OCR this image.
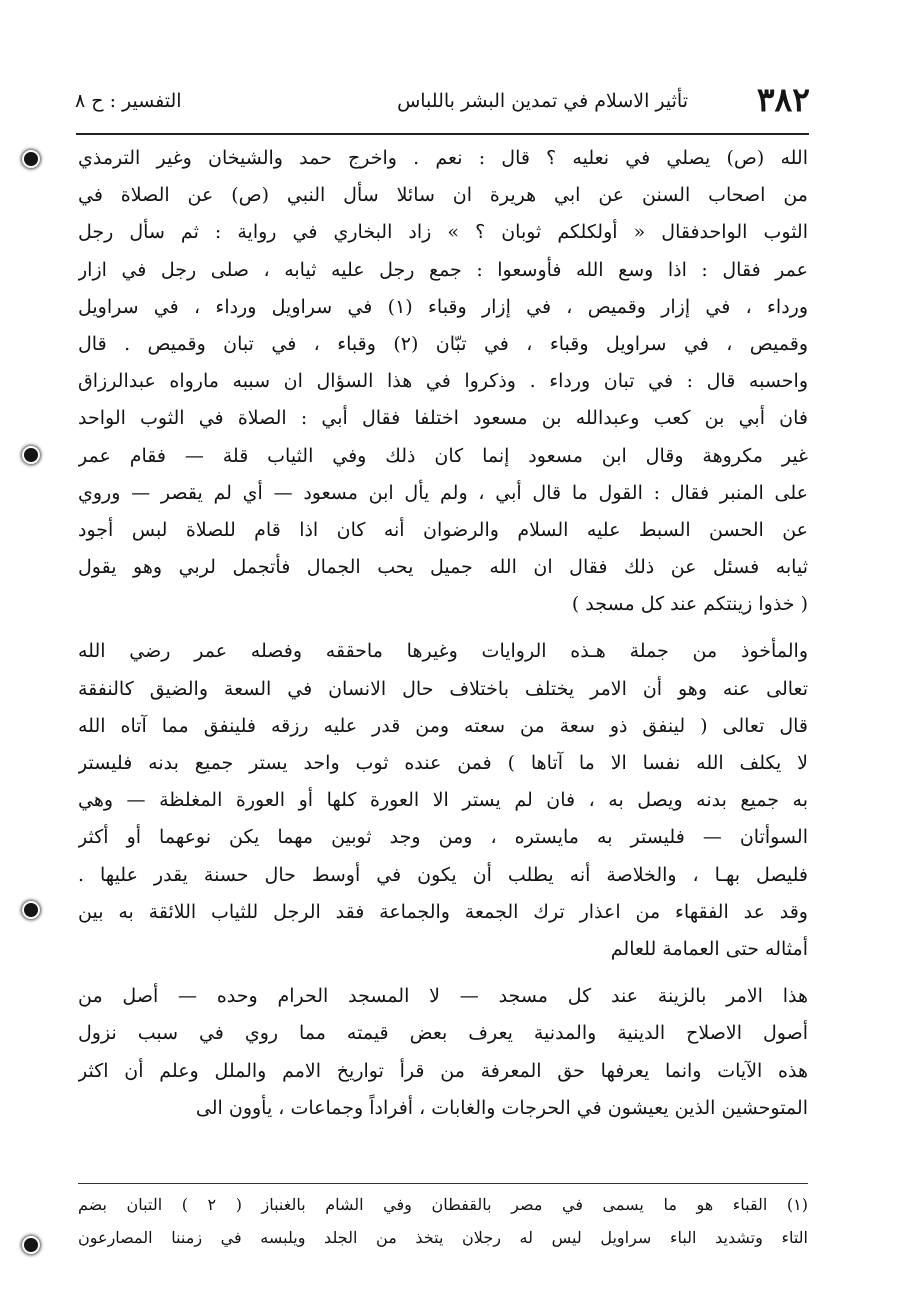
٣٨٢
تأثير الاسلام في تمدين البشر باللباس
التفسير : ح ٨
الله (ص) يصلي في نعليه ؟ قال : نعم . واخرج حمد والشيخان وغير الترمذي
من اصحاب السنن عن ابي هريرة ان سائلا سأل النبي (ص) عن الصلاة في
الثوب الواحدفقال « أولكلكم ثوبان ؟ » زاد البخاري في رواية : ثم سأل رجل
عمر فقال : اذا وسع الله فأوسعوا : جمع رجل عليه ثيابه ، صلى رجل في ازار
ورداء ، في إزار وقميص ، في إزار وقباء (١) في سراويل ورداء ، في سراويل
وقميص ، في سراويل وقباء ، في تبّان (٢) وقباء ، في تبان وقميص . قال
واحسبه قال : في تبان ورداء . وذكروا في هذا السؤال ان سببه مارواه عبدالرزاق
فان أبي بن كعب وعبدالله بن مسعود اختلفا فقال أبي : الصلاة في الثوب الواحد
غير مكروهة وقال ابن مسعود إنما كان ذلك وفي الثياب قلة — فقام عمر
على المنبر فقال : القول ما قال أبي ، ولم يأل ابن مسعود — أي لم يقصر — وروي
عن الحسن السبط عليه السلام والرضوان أنه كان اذا قام للصلاة لبس أجود
ثيابه فسئل عن ذلك فقال ان الله جميل يحب الجمال فأتجمل لربي وهو يقول
( خذوا زينتكم عند كل مسجد )
والمأخوذ من جملة هـذه الروايات وغيرها ماحققه وفصله عمر رضي الله
تعالى عنه وهو أن الامر يختلف باختلاف حال الانسان في السعة والضيق كالنفقة
قال تعالى ( لينفق ذو سعة من سعته ومن قدر عليه رزقه فلينفق مما آتاه الله
لا يكلف الله نفسا الا ما آتاها ) فمن عنده ثوب واحد يستر جميع بدنه فليستر
به جميع بدنه ويصل به ، فان لم يستر الا العورة كلها أو العورة المغلظة — وهي
السوأتان — فليستر به مايستره ، ومن وجد ثوبين مهما يكن نوعهما أو أكثر
فليصل بهـا ، والخلاصة أنه يطلب أن يكون في أوسط حال حسنة يقدر عليها .
وقد عد الفقهاء من اعذار ترك الجمعة والجماعة فقد الرجل للثياب اللائقة به بين
أمثاله حتى العمامة للعالم
هذا الامر بالزينة عند كل مسجد — لا المسجد الحرام وحده — أصل من
أصول الاصلاح الدينية والمدنية يعرف بعض قيمته مما روي في سبب نزول
هذه الآيات وانما يعرفها حق المعرفة من قرأ تواريخ الامم والملل وعلم أن اكثر
المتوحشين الذين يعيشون في الحرجات والغابات ، أفراداً وجماعات ، يأوون الى
(١) القباء هو ما يسمى في مصر بالقفطان وفي الشام بالغنباز ( ٢ ) التبان بضم
التاء وتشديد الباء سراويل ليس له رجلان يتخذ من الجلد ويلبسه في زمننا المصارعون
